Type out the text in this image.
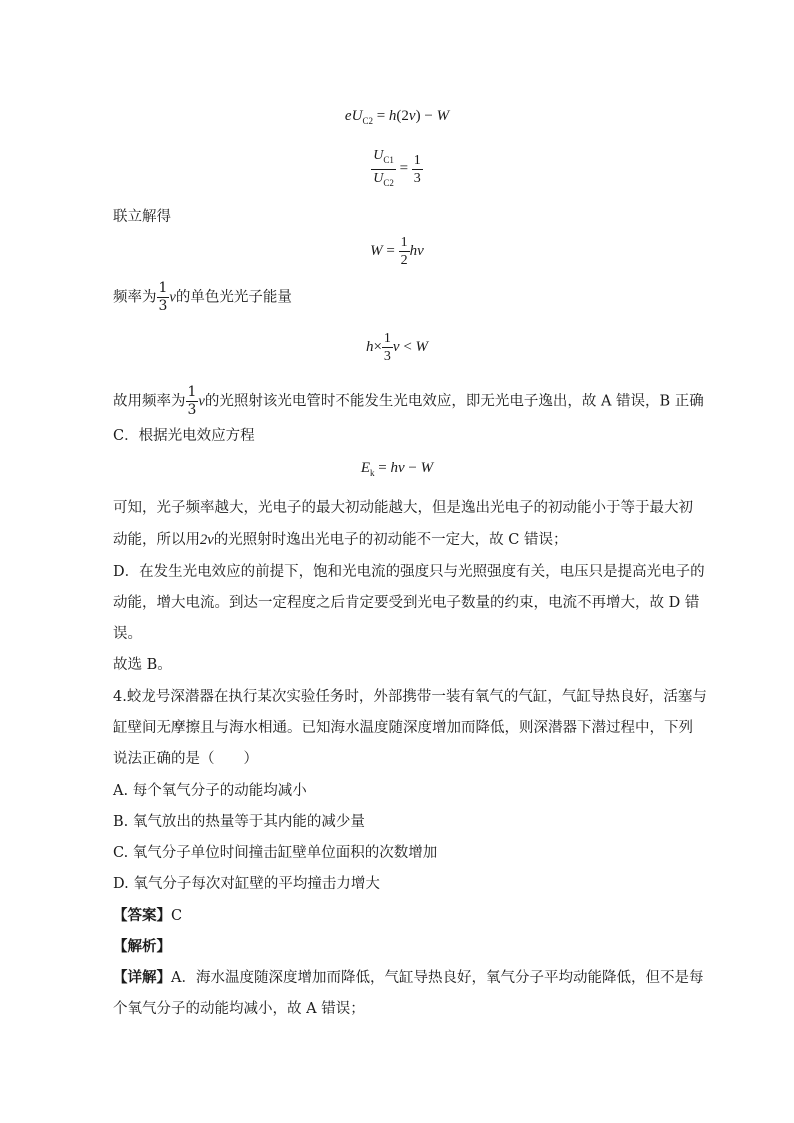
$eU_{C2} = h(2\nu) - W$
$\frac{U_{C1}}{U_{C2}} = \frac{1}{3}$
联立解得
$W = \frac{1}{2}$ hν
频率为 $\frac{1}{3}$ ν的单色光光子能量
$h\times \frac{1}{3}$ ν < W
故用频率为 $\frac{1}{3}$ ν的光照射该光电管时不能发生光电效应，即无光电子逸出，故 A 错误，B 正确
C．根据光电效应方程
$E_k = h\nu - W$
可知，光子频率越大，光电子的最大初动能越大，但是逸出光电子的初动能小于等于最大初
动能，所以用2ν的光照射时逸出光电子的初动能不一定大，故 C 错误；
D．在发生光电效应的前提下，饱和光电流的强度只与光照强度有关，电压只是提高光电子的
动能，增大电流。到达一定程度之后肯定要受到光电子数量的约束，电流不再增大，故 D 错
误。
故选 B。
4.蛟龙号深潜器在执行某次实验任务时，外部携带一装有氧气的气缸，气缸导热良好，活塞与
缸壁间无摩擦且与海水相通。已知海水温度随深度增加而降低，则深潜器下潜过程中，下列
说法正确的是（　　）
A. 每个氧气分子的动能均减小
B. 氧气放出的热量等于其内能的减少量
C. 氧气分子单位时间撞击缸壁单位面积的次数增加
D. 氧气分子每次对缸壁的平均撞击力增大
【答案】C
【解析】
【详解】A．海水温度随深度增加而降低，气缸导热良好，氧气分子平均动能降低，但不是每
个氧气分子的动能均减小，故 A 错误；
